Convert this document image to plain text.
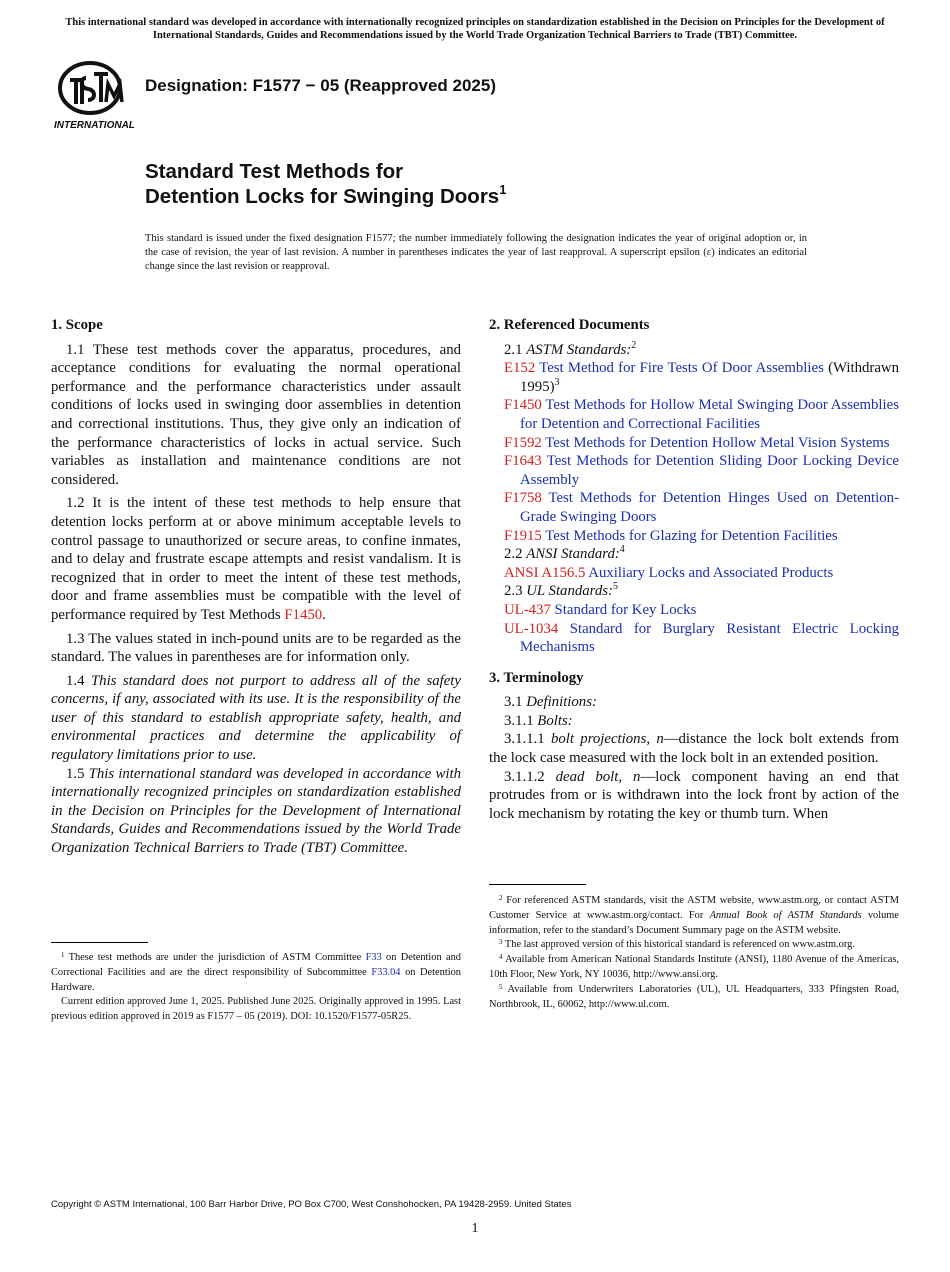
This international standard was developed in accordance with internationally recognized principles on standardization established in the Decision on Principles for the Development of International Standards, Guides and Recommendations issued by the World Trade Organization Technical Barriers to Trade (TBT) Committee.
INTERNATIONAL
Designation: F1577 − 05 (Reapproved 2025)
Standard Test Methods for
Detention Locks for Swinging Doors$^1$
This standard is issued under the fixed designation F1577; the number immediately following the designation indicates the year of original adoption or, in the case of revision, the year of last revision. A number in parentheses indicates the year of last reapproval. A superscript epsilon (ε) indicates an editorial change since the last revision or reapproval.
1. Scope

1.1 These test methods cover the apparatus, procedures, and acceptance conditions for evaluating the normal operational performance and the performance characteristics under assault conditions of locks used in swinging door assemblies in detention and correctional institutions. Thus, they give only an indication of the performance characteristics of locks in actual service. Such variables as installation and maintenance conditions are not considered.

1.2 It is the intent of these test methods to help ensure that detention locks perform at or above minimum acceptable levels to control passage to unauthorized or secure areas, to confine inmates, and to delay and frustrate escape attempts and resist vandalism. It is recognized that in order to meet the intent of these test methods, door and frame assemblies must be compatible with the level of performance required by Test Methods F1450.

1.3 The values stated in inch-pound units are to be regarded as the standard. The values in parentheses are for information only.

1.4 This standard does not purport to address all of the safety concerns, if any, associated with its use. It is the responsibility of the user of this standard to establish appropriate safety, health, and environmental practices and determine the applicability of regulatory limitations prior to use.

1.5 This international standard was developed in accordance with internationally recognized principles on standardization established in the Decision on Principles for the Development of International Standards, Guides and Recommendations issued by the World Trade Organization Technical Barriers to Trade (TBT) Committee.

$^1$ These test methods are under the jurisdiction of ASTM Committee F33 on Detention and Correctional Facilities and are the direct responsibility of Subcommittee F33.04 on Detention Hardware.

Current edition approved June 1, 2025. Published June 2025. Originally approved in 1995. Last previous edition approved in 2019 as F1577 – 05 (2019). DOI: 10.1520/F1577-05R25.

2. Referenced Documents
2.1 ASTM Standards:$^2$
E152 Test Method for Fire Tests Of Door Assemblies (Withdrawn 1995)$^3$
F1450 Test Methods for Hollow Metal Swinging Door Assemblies for Detention and Correctional Facilities
F1592 Test Methods for Detention Hollow Metal Vision Systems
F1643 Test Methods for Detention Sliding Door Locking Device Assembly
F1758 Test Methods for Detention Hinges Used on Detention-Grade Swinging Doors
F1915 Test Methods for Glazing for Detention Facilities
2.2 ANSI Standard:$^4$
ANSI A156.5 Auxiliary Locks and Associated Products
2.3 UL Standards:$^5$
UL-437 Standard for Key Locks
UL-1034 Standard for Burglary Resistant Electric Locking Mechanisms
3. Terminology
3.1 Definitions:
3.1.1 Bolts:

3.1.1.1 bolt projections, n—distance the lock bolt extends from the lock case measured with the lock bolt in an extended position.

3.1.1.2 dead bolt, n—lock component having an end that protrudes from or is withdrawn into the lock front by action of the lock mechanism by rotating the key or thumb turn. When

$^2$ For referenced ASTM standards, visit the ASTM website, www.astm.org, or contact ASTM Customer Service at www.astm.org/contact. For Annual Book of ASTM Standards volume information, refer to the standard’s Document Summary page on the ASTM website.

$^3$ The last approved version of this historical standard is referenced on www.astm.org.

$^4$ Available from American National Standards Institute (ANSI), 1180 Avenue of the Americas, 10th Floor, New York, NY 10036, http://www.ansi.org.

$^5$ Available from Underwriters Laboratories (UL), UL Headquarters, 333 Pfingsten Road, Northbrook, IL, 60062, http://www.ul.com.

Copyright © ASTM International, 100 Barr Harbor Drive, PO Box C700, West Conshohocken, PA 19428-2959. United States
1
